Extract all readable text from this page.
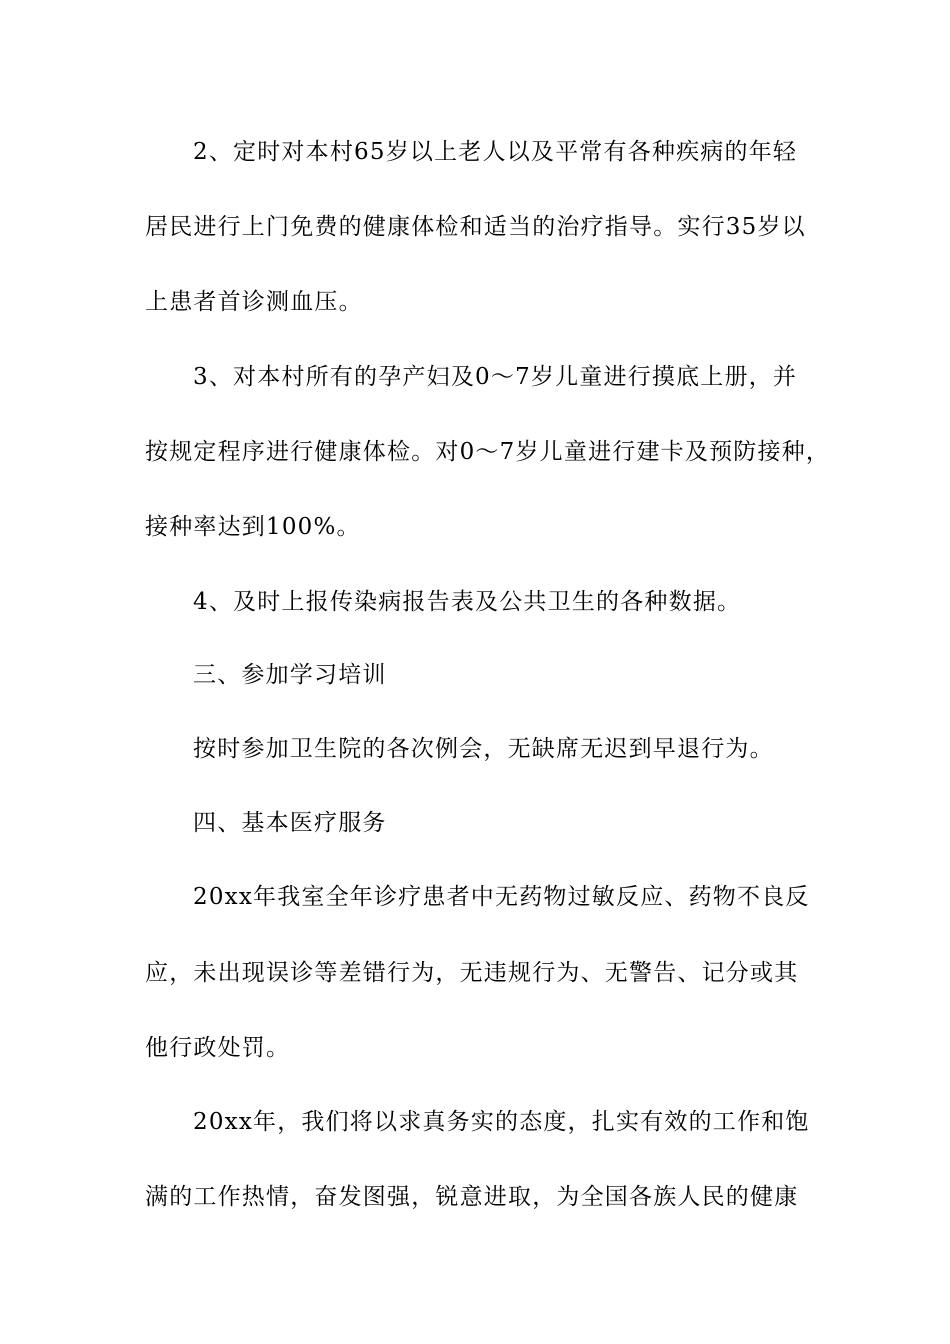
2、定时对本村65岁以上老人以及平常有各种疾病的年轻
居民进行上门免费的健康体检和适当的治疗指导。实行35岁以
上患者首诊测血压。
3、对本村所有的孕产妇及0～7岁儿童进行摸底上册，并
按规定程序进行健康体检。对0～7岁儿童进行建卡及预防接种，
接种率达到100%。
4、及时上报传染病报告表及公共卫生的各种数据。
三、参加学习培训
按时参加卫生院的各次例会，无缺席无迟到早退行为。
四、基本医疗服务
20xx年我室全年诊疗患者中无药物过敏反应、药物不良反
应，未出现误诊等差错行为，无违规行为、无警告、记分或其
他行政处罚。
20xx年，我们将以求真务实的态度，扎实有效的工作和饱
满的工作热情，奋发图强，锐意进取，为全国各族人民的健康
